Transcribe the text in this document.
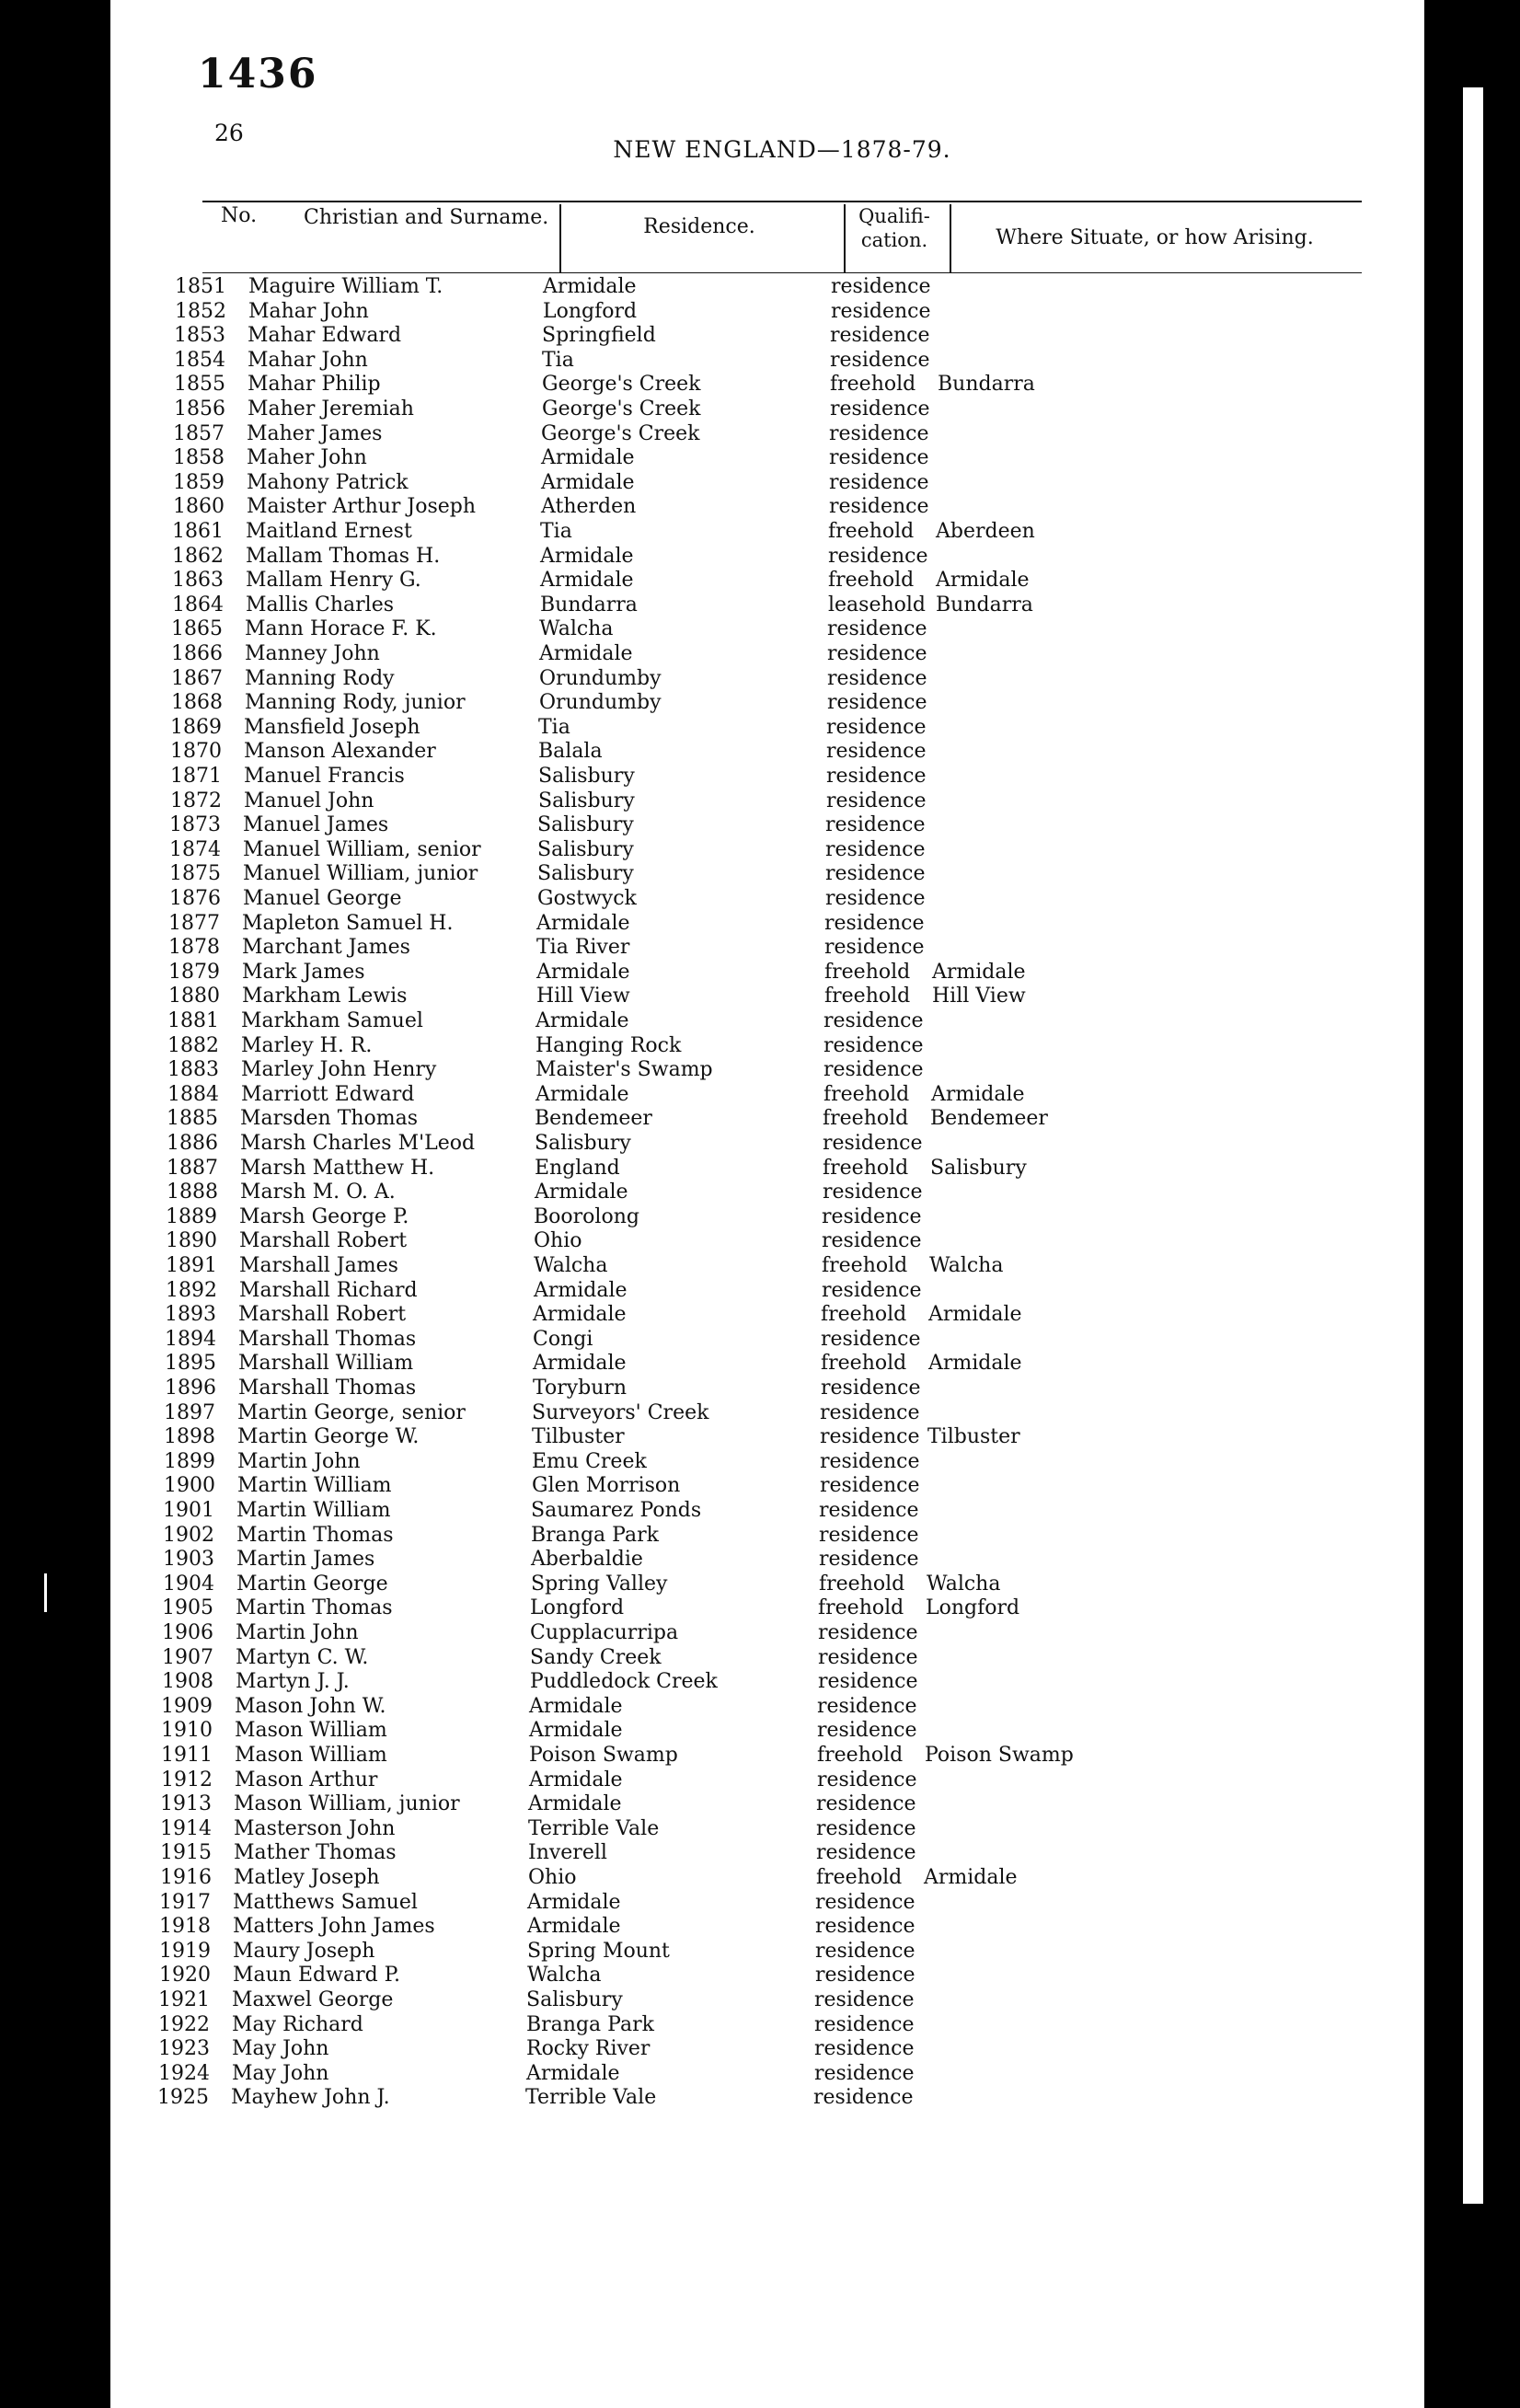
1436
26
NEW ENGLAND—1878-79.
No. Christian and Surname.	Residence.	Qualifi-
cation.	Where Situate, or how Arising.
1851 Maguire William T.	Armidale	residence
1852 Mahar John	Longford	residence
1853 Mahar Edward	Springfield	residence
1854 Mahar John	Tia	residence
1855 Mahar Philip	George's Creek	freehold	Bundarra
1856 Maher Jeremiah	George's Creek	residence
1857 Maher James	George's Creek	residence
1858 Maher John	Armidale	residence
1859 Mahony Patrick	Armidale	residence
1860 Maister Arthur Joseph	Atherden	residence
1861 Maitland Ernest	Tia	freehold	Aberdeen
1862 Mallam Thomas H.	Armidale	residence
1863 Mallam Henry G.	Armidale	freehold	Armidale
1864 Mallis Charles	Bundarra	leasehold Bundarra
1865 Mann Horace F. K.	Walcha	residence
1866 Manney John	Armidale	residence
1867 Manning Rody	Orundumby	residence
1868 Manning Rody, junior	Orundumby	residence
1869 Mansfield Joseph	Tia	residence
1870 Manson Alexander	Balala	residence
1871 Manuel Francis	Salisbury	residence
1872 Manuel John	Salisbury	residence
1873 Manuel James	Salisbury	residence
1874 Manuel William, senior	Salisbury	residence
1875 Manuel William, junior	Salisbury	residence
1876 Manuel George	Gostwyck	residence
1877 Mapleton Samuel H.	Armidale	residence
1878 Marchant James	Tia River	residence
1879 Mark James	Armidale	freehold	Armidale
1880 Markham Lewis	Hill View	freehold	Hill View
1881 Markham Samuel	Armidale	residence
1882 Marley H. R.	Hanging Rock	residence
1883 Marley John Henry	Maister's Swamp	residence
1884 Marriott Edward	Armidale	freehold	Armidale
1885 Marsden Thomas	Bendemeer	freehold	Bendemeer
1886 Marsh Charles M'Leod	Salisbury	residence
1887 Marsh Matthew H.	England	freehold	Salisbury
1888 Marsh M. O. A.	Armidale	residence
1889 Marsh George P.	Boorolong	residence
1890 Marshall Robert	Ohio	residence
1891 Marshall James	Walcha	freehold	Walcha
1892 Marshall Richard	Armidale	residence
1893 Marshall Robert	Armidale	freehold	Armidale
1894 Marshall Thomas	Congi	residence
1895 Marshall William	Armidale	freehold	Armidale
1896 Marshall Thomas	Toryburn	residence
1897 Martin George, senior	Surveyors' Creek	residence
1898 Martin George W.	Tilbuster	residence Tilbuster
1899 Martin John	Emu Creek	residence
1900 Martin William	Glen Morrison	residence
1901 Martin William	Saumarez Ponds	residence
1902 Martin Thomas	Branga Park	residence
1903 Martin James	Aberbaldie	residence
1904 Martin George	Spring Valley	freehold	Walcha
1905 Martin Thomas	Longford	freehold	Longford
1906 Martin John	Cupplacurripa	residence
1907 Martyn C. W.	Sandy Creek	residence
1908 Martyn J. J.	Puddledock Creek	residence
1909 Mason John W.	Armidale	residence
1910 Mason William	Armidale	residence
1911 Mason William	Poison Swamp	freehold	Poison Swamp
1912 Mason Arthur	Armidale	residence
1913 Mason William, junior	Armidale	residence
1914 Masterson John	Terrible Vale	residence
1915 Mather Thomas	Inverell	residence
1916 Matley Joseph	Ohio	freehold	Armidale
1917 Matthews Samuel	Armidale	residence
1918 Matters John James	Armidale	residence
1919 Maury Joseph	Spring Mount	residence
1920 Maun Edward P.	Walcha	residence
1921 Maxwel George	Salisbury	residence
1922 May Richard	Branga Park	residence
1923 May John	Rocky River	residence
1924 May John	Armidale	residence
1925 Mayhew John J.	Terrible Vale	residence
